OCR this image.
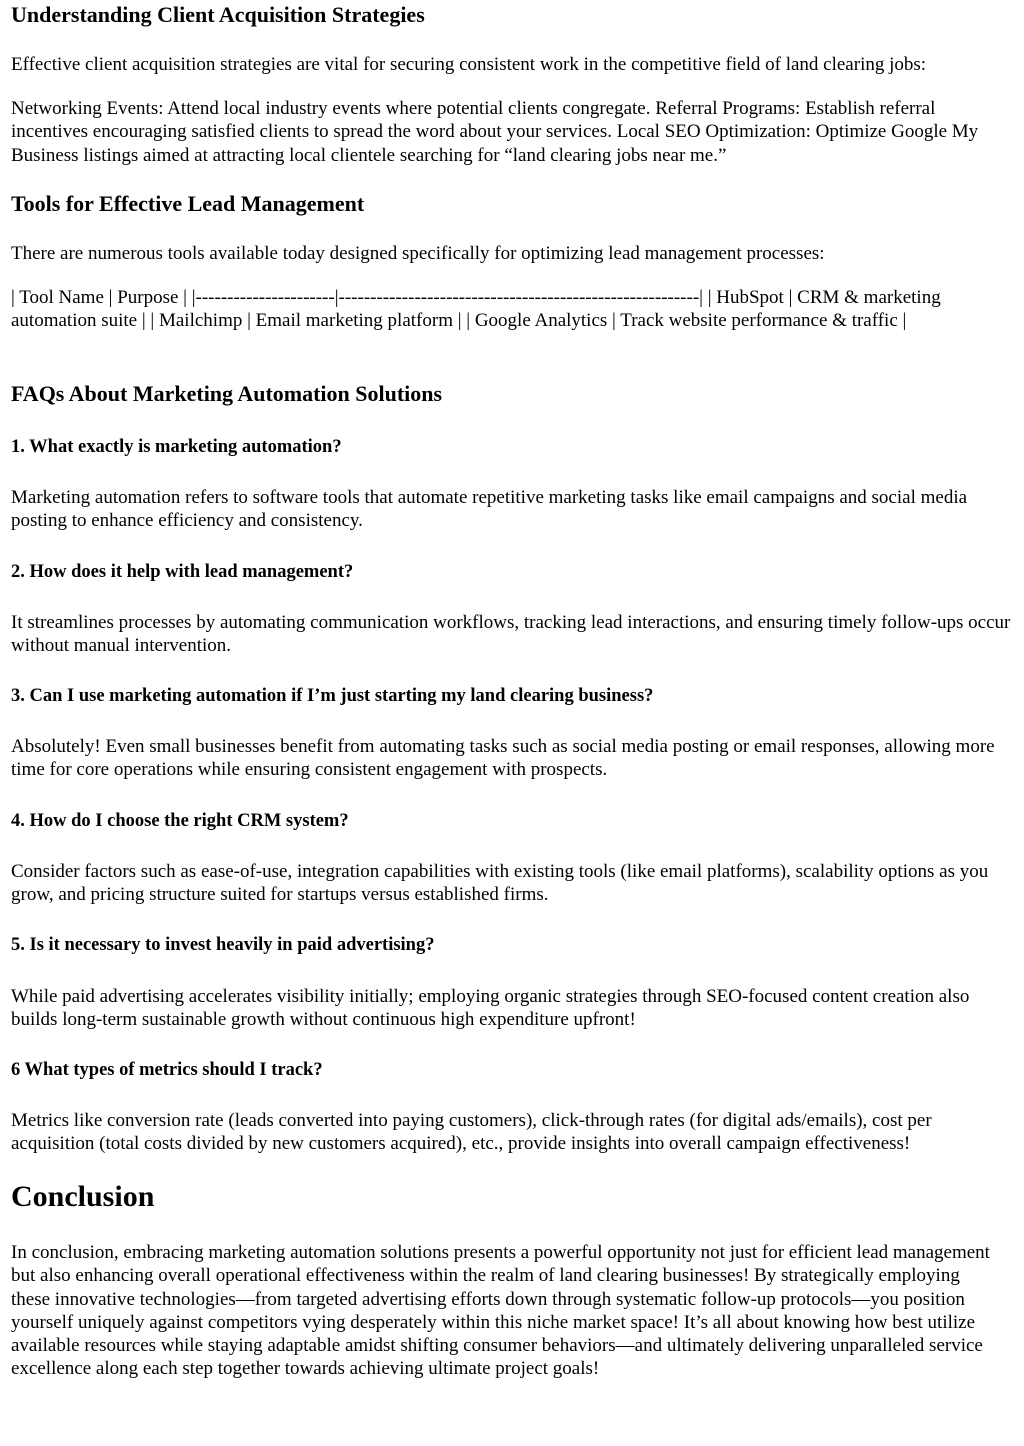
Understanding Client Acquisition Strategies

Effective client acquisition strategies are vital for securing consistent work in the competitive field of land clearing jobs:

Networking Events: Attend local industry events where potential clients congregate. Referral Programs: Establish referral incentives encouraging satisfied clients to spread the word about your services. Local SEO Optimization: Optimize Google My Business listings aimed at attracting local clientele searching for “land clearing jobs near me.”

Tools for Effective Lead Management

There are numerous tools available today designed specifically for optimizing lead management processes:

| Tool Name | Purpose | |----------------------|---------------------------------------------------------| | HubSpot | CRM & marketing automation suite | | Mailchimp | Email marketing platform | | Google Analytics | Track website performance & traffic |

FAQs About Marketing Automation Solutions
1. What exactly is marketing automation?

Marketing automation refers to software tools that automate repetitive marketing tasks like email campaigns and social media posting to enhance efficiency and consistency.

2. How does it help with lead management?

It streamlines processes by automating communication workflows, tracking lead interactions, and ensuring timely follow-ups occur without manual intervention.

3. Can I use marketing automation if I’m just starting my land clearing business?

Absolutely! Even small businesses benefit from automating tasks such as social media posting or email responses, allowing more time for core operations while ensuring consistent engagement with prospects.

4. How do I choose the right CRM system?

Consider factors such as ease-of-use, integration capabilities with existing tools (like email platforms), scalability options as you grow, and pricing structure suited for startups versus established firms.

5. Is it necessary to invest heavily in paid advertising?

While paid advertising accelerates visibility initially; employing organic strategies through SEO-focused content creation also builds long-term sustainable growth without continuous high expenditure upfront!

6 What types of metrics should I track?

Metrics like conversion rate (leads converted into paying customers), click-through rates (for digital ads/emails), cost per acquisition (total costs divided by new customers acquired), etc., provide insights into overall campaign effectiveness!

Conclusion

In conclusion, embracing marketing automation solutions presents a powerful opportunity not just for efficient lead management but also enhancing overall operational effectiveness within the realm of land clearing businesses! By strategically employing these innovative technologies—from targeted advertising efforts down through systematic follow-up protocols—you position yourself uniquely against competitors vying desperately within this niche market space! It’s all about knowing how best utilize available resources while staying adaptable amidst shifting consumer behaviors—and ultimately delivering unparalleled service excellence along each step together towards achieving ultimate project goals!
